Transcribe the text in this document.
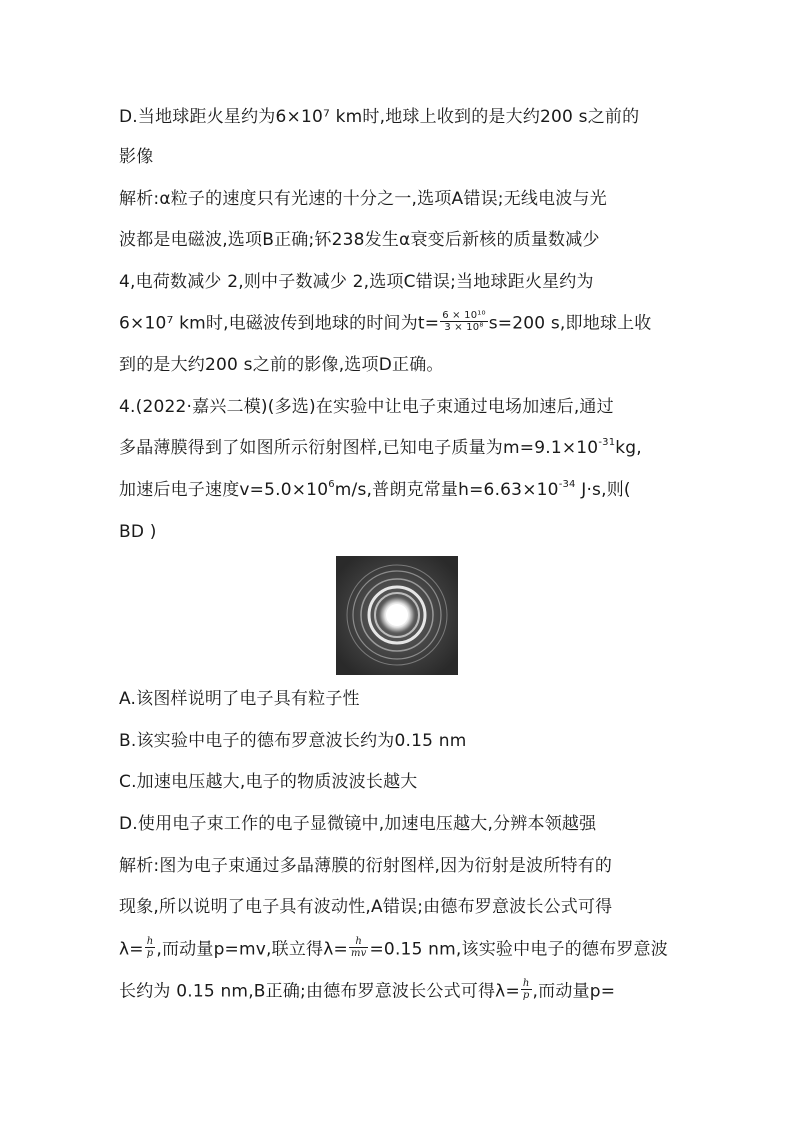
D.当地球距火星约为6×10⁷ km时,地球上收到的是大约200 s之前的
影像
解析:α粒子的速度只有光速的十分之一,选项A错误;无线电波与光
波都是电磁波,选项B正确;钚238发生α衰变后新核的质量数减少
4,电荷数减少 2,则中子数减少 2,选项C错误;当地球距火星约为
6×10⁷ km时,电磁波传到地球的时间为$t= \frac{\text{6 × 10¹⁰}}{\text{3 × 10⁸}} s=200$ s,即地球上收
到的是大约200 s之前的影像,选项D正确。
4.(2022·嘉兴二模)(多选)在实验中让电子束通过电场加速后,通过
多晶薄膜得到了如图所示衍射图样,已知电子质量为$m=9.1\times 10^{-31}kg$,
加速后电子速度$v=5.0\times 10^6m/s$,普朗克常量$h=6.63\times 10^{-34}$ J·s,则(
BD )
A.该图样说明了电子具有粒子性
B.该实验中电子的德布罗意波长约为0.15 nm
C.加速电压越大,电子的物质波波长越大
D.使用电子束工作的电子显微镜中,加速电压越大,分辨本领越强
解析:图为电子束通过多晶薄膜的衍射图样,因为衍射是波所特有的
现象,所以说明了电子具有波动性,A错误;由德布罗意波长公式可得
$\lambda= \frac{h}{p}$ ,而动量p=mv,联立得$\lambda= \frac{h}{mv} =0.15$ nm,该实验中电子的德布罗意波
长约为 0.15 nm,B正确;由德布罗意波长公式可得$\lambda= \frac{h}{p}$ ,而动量p=
